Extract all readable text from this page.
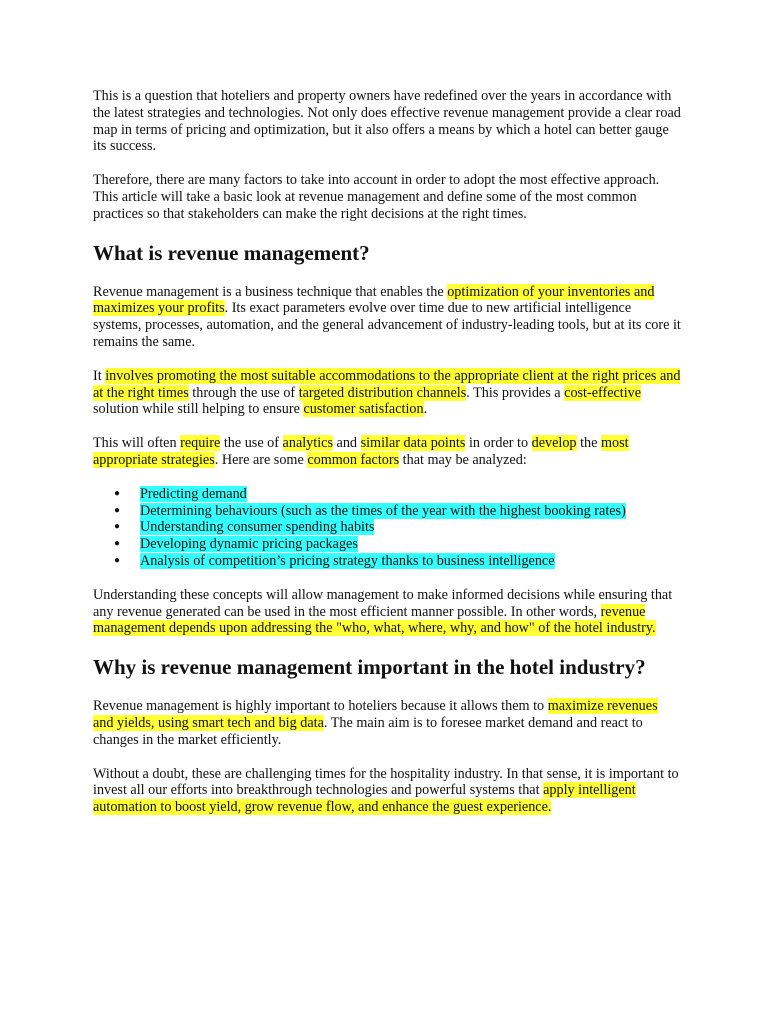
This is a question that hoteliers and property owners have redefined over the years in accordance with the latest strategies and technologies. Not only does effective revenue management provide a clear road map in terms of pricing and optimization, but it also offers a means by which a hotel can better gauge its success.

Therefore, there are many factors to take into account in order to adopt the most effective approach. This article will take a basic look at revenue management and define some of the most common practices so that stakeholders can make the right decisions at the right times.

What is revenue management?

Revenue management is a business technique that enables the optimization of your inventories and maximizes your profits. Its exact parameters evolve over time due to new artificial intelligence systems, processes, automation, and the general advancement of industry-leading tools, but at its core it remains the same.

It involves promoting the most suitable accommodations to the appropriate client at the right prices and at the right times through the use of targeted distribution channels. This provides a cost-effective solution while still helping to ensure customer satisfaction.

This will often require the use of analytics and similar data points in order to develop the most appropriate strategies. Here are some common factors that may be analyzed:

● Predicting demand
● Determining behaviours (such as the times of the year with the highest booking rates)
● Understanding consumer spending habits
● Developing dynamic pricing packages
● Analysis of competition’s pricing strategy thanks to business intelligence

Understanding these concepts will allow management to make informed decisions while ensuring that any revenue generated can be used in the most efficient manner possible. In other words, revenue management depends upon addressing the "who, what, where, why, and how" of the hotel industry.

Why is revenue management important in the hotel industry?

Revenue management is highly important to hoteliers because it allows them to maximize revenues and yields, using smart tech and big data. The main aim is to foresee market demand and react to changes in the market efficiently.

Without a doubt, these are challenging times for the hospitality industry. In that sense, it is important to invest all our efforts into breakthrough technologies and powerful systems that apply intelligent automation to boost yield, grow revenue flow, and enhance the guest experience.
